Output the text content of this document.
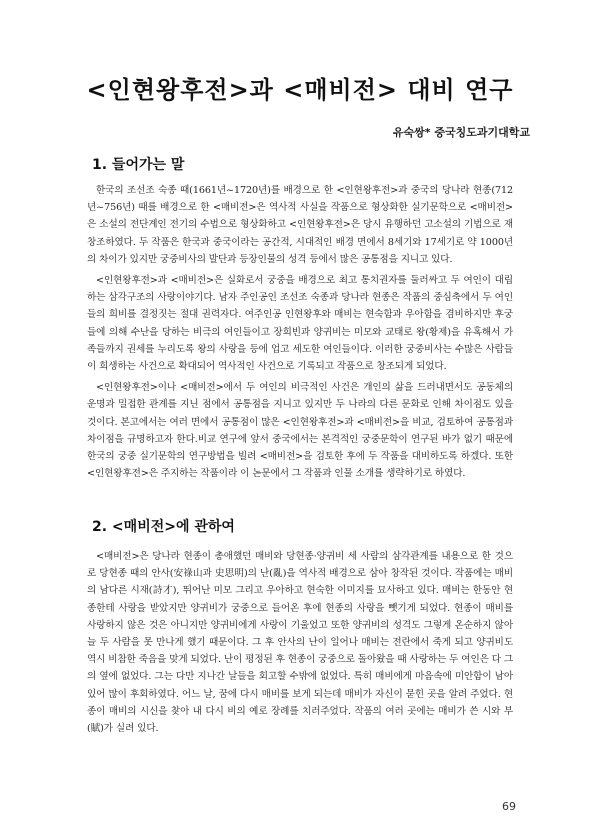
<인현왕후전>과 <매비전> 대비 연구
유숙쌍* 중국칭도과기대학교
1. 들어가는 말

한국의 조선조 숙종 때(1661년~1720년)를 배경으로 한 <인현왕후전>과 중국의 당나라 현종(712년~756년) 때를 배경으로 한 <매비전>은 역사적 사실을 작품으로 형상화한 실기문학으로 <매비전>은 소설의 전단계인 전기의 수법으로 형상화하고 <인현왕후전>은 당시 유행하던 고소설의 기법으로 재창조하였다. 두 작품은 한국과 중국이라는 공간적, 시대적인 배경 면에서 8세기와 17세기로 약 1000년의 차이가 있지만 궁중비사의 발단과 등장인물의 성격 등에서 많은 공통점을 지니고 있다.

<인현왕후전>과 <매비전>은 실화로서 궁중을 배경으로 최고 통치권자를 둘러싸고 두 여인이 대립하는 삼각구조의 사랑이야기다. 남자 주인공인 조선조 숙종과 당나라 현종은 작품의 중심축에서 두 여인들의 희비를 결정짓는 절대 권력자다. 여주인공 인현왕후와 매비는 현숙함과 우아함을 겸비하지만 후궁들에 의해 수난을 당하는 비극의 여인들이고 장희빈과 양귀비는 미모와 교태로 왕(황제)을 유혹해서 가족들까지 권세를 누리도록 왕의 사랑을 등에 업고 세도한 여인들이다. 이러한 궁중비사는 수많은 사람들이 희생하는 사건으로 확대되어 역사적인 사건으로 기록되고 작품으로 창조되게 되었다.

<인현왕후전>이나 <매비전>에서 두 여인의 비극적인 사건은 개인의 삶을 드러내면서도 공동체의 운명과 밀접한 관계를 지닌 점에서 공통점을 지니고 있지만 두 나라의 다른 문화로 인해 차이점도 있을 것이다. 본고에서는 여러 면에서 공통점이 많은 <인현왕후전>과 <매비전>을 비교, 검토하여 공통점과 차이점을 규명하고자 한다.비교 연구에 앞서 중국에서는 본격적인 궁중문학이 연구된 바가 없기 때문에 한국의 궁중 실기문학의 연구방법을 빌려 <매비전>을 검토한 후에 두 작품을 대비하도록 하겠다. 또한 <인현왕후전>은 주지하는 작품이라 이 논문에서 그 작품과 인물 소개를 생략하기로 하였다.

2. <매비전>에 관하여

<매비전>은 당나라 현종이 총애했던 매비와 당현종·양귀비 세 사람의 삼각관계를 내용으로 한 것으로 당현종 때의 안사(安祿山과 史思明)의 난(亂)을 역사적 배경으로 삼아 창작된 것이다. 작품에는 매비의 남다른 시재(詩才), 뛰어난 미모 그리고 우아하고 현숙한 이미지를 묘사하고 있다. 매비는 한동안 현종한테 사랑을 받았지만 양귀비가 궁중으로 들어온 후에 현종의 사랑을 뺏기게 되었다. 현종이 매비를 사랑하지 않은 것은 아니지만 양귀비에게 사랑이 기울었고 또한 양귀비의 성격도 그렇게 온순하지 않아 늘 두 사람을 못 만나게 했기 때문이다. 그 후 안사의 난이 일어나 매비는 전란에서 죽게 되고 양귀비도 역시 비참한 죽음을 맞게 되었다. 난이 평정된 후 현종이 궁중으로 돌아왔을 때 사랑하는 두 여인은 다 그의 옆에 없었다. 그는 다만 지나간 날들을 회고할 수밖에 없었다. 특히 매비에게 마음속에 미안함이 남아 있어 많이 후회하였다. 어느 날, 꿈에 다시 매비를 보게 되는데 매비가 자신이 묻힌 곳을 알려 주었다. 현종이 매비의 시신을 찾아 내 다시 비의 예로 장례를 치러주었다. 작품의 여러 곳에는 매비가 쓴 시와 부(賦)가 실려 있다.

69
